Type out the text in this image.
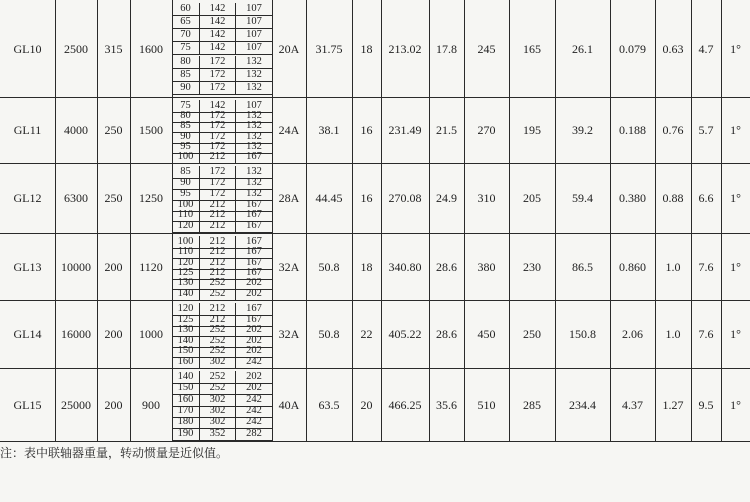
GL10	2500	315	1600	20A	31.75	18	213.02	17.8	245	165	26.1	0.079	0.63	4.7	1°
60	142	107
65	142	107
70	142	107
75	142	107
80	172	132
85	172	132
90	172	132
GL11	4000	250	1500	24A	38.1	16	231.49	21.5	270	195	39.2	0.188	0.76	5.7	1°
75	142	107
80	172	132
85	172	132
90	172	132
95	172	132
100	212	167
GL12	6300	250	1250	28A	44.45	16	270.08	24.9	310	205	59.4	0.380	0.88	6.6	1°
85	172	132
90	172	132
95	172	132
100	212	167
110	212	167
120	212	167
GL13	10000	200	1120	32A	50.8	18	340.80	28.6	380	230	86.5	0.860	1.0	7.6	1°
100	212	167
110	212	167
120	212	167
125	212	167
130	252	202
140	252	202
GL14	16000	200	1000	32A	50.8	22	405.22	28.6	450	250	150.8	2.06	1.0	7.6	1°
120	212	167
125	212	167
130	252	202
140	252	202
150	252	202
160	302	242
GL15	25000	200	900	40A	63.5	20	466.25	35.6	510	285	234.4	4.37	1.27	9.5	1°
140	252	202
150	252	202
160	302	242
170	302	242
180	302	242
190	352	282
注：表中联轴器重量，转动惯量是近似值。
